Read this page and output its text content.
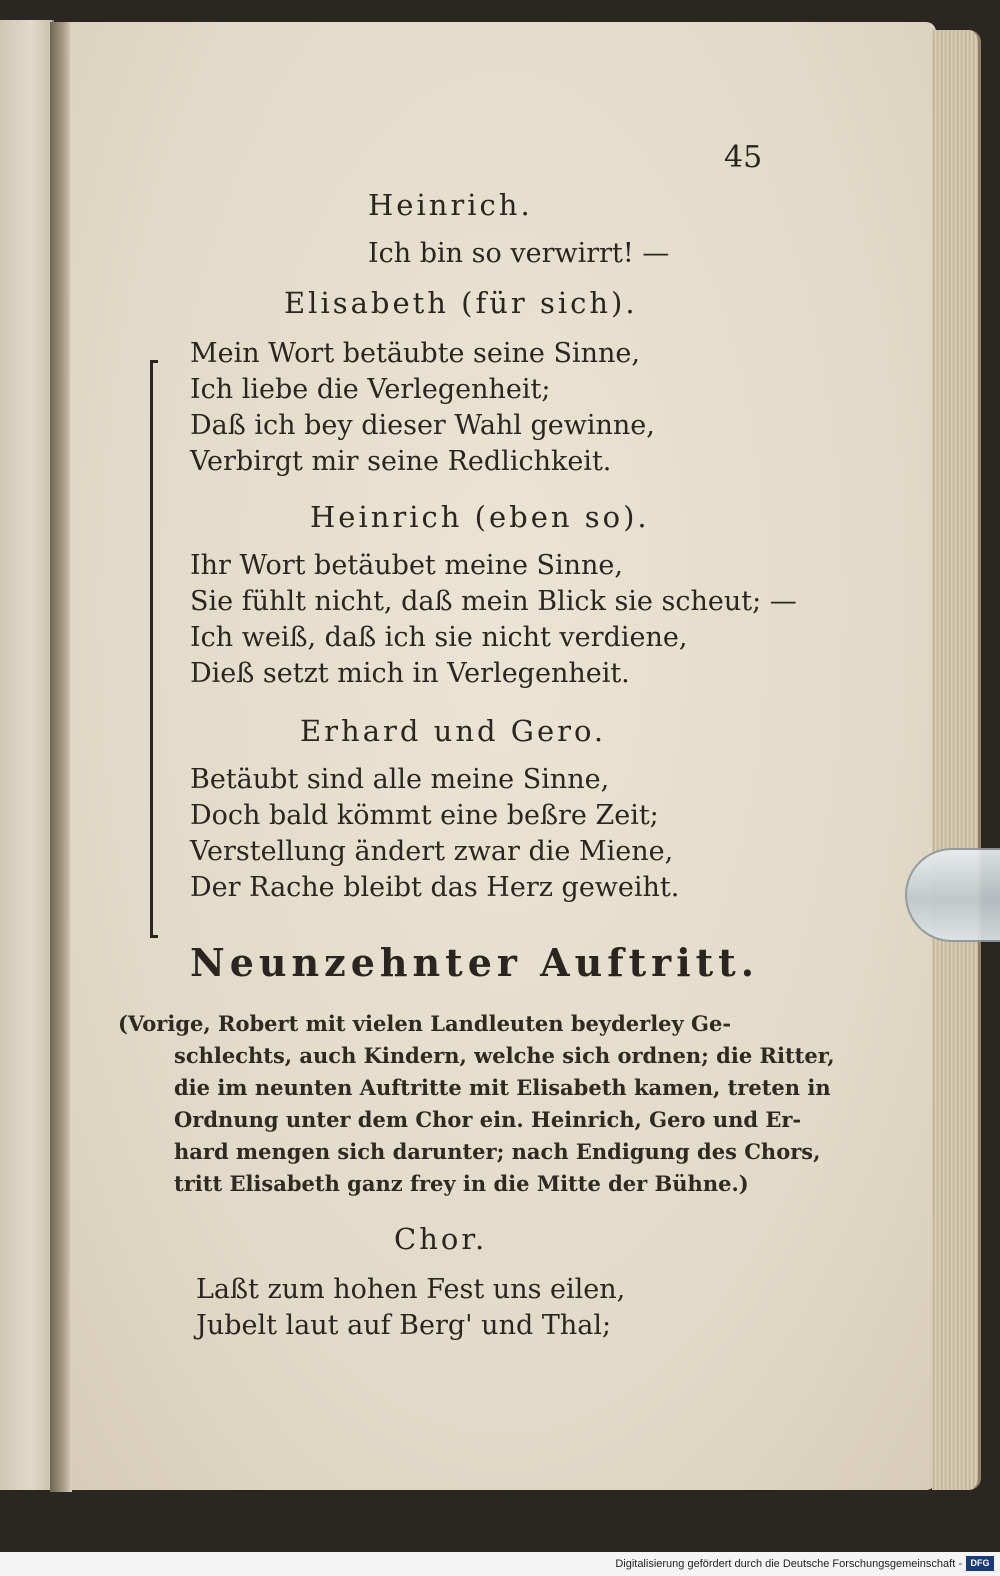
45
Heinrich.
Ich bin so verwirrt! —
Elisabeth (für sich).
Mein Wort betäubte seine Sinne,
Ich liebe die Verlegenheit;
Daß ich bey dieser Wahl gewinne,
Verbirgt mir seine Redlichkeit.
Heinrich (eben so).
Ihr Wort betäubet meine Sinne,
Sie fühlt nicht, daß mein Blick sie scheut; —
Ich weiß, daß ich sie nicht verdiene,
Dieß setzt mich in Verlegenheit.
Erhard und Gero.
Betäubt sind alle meine Sinne,
Doch bald kömmt eine beßre Zeit;
Verstellung ändert zwar die Miene,
Der Rache bleibt das Herz geweiht.
Neunzehnter Auftritt.
(Vorige, Robert mit vielen Landleuten beyderley Ge-
schlechts, auch Kindern, welche sich ordnen; die Ritter,
die im neunten Auftritte mit Elisabeth kamen, treten in
Ordnung unter dem Chor ein. Heinrich, Gero und Er-
hard mengen sich darunter; nach Endigung des Chors,
tritt Elisabeth ganz frey in die Mitte der Bühne.)
Chor.
Laßt zum hohen Fest uns eilen,
Jubelt laut auf Berg' und Thal;
Digitalisierung gefördert durch die Deutsche Forschungsgemeinschaft - DFG
